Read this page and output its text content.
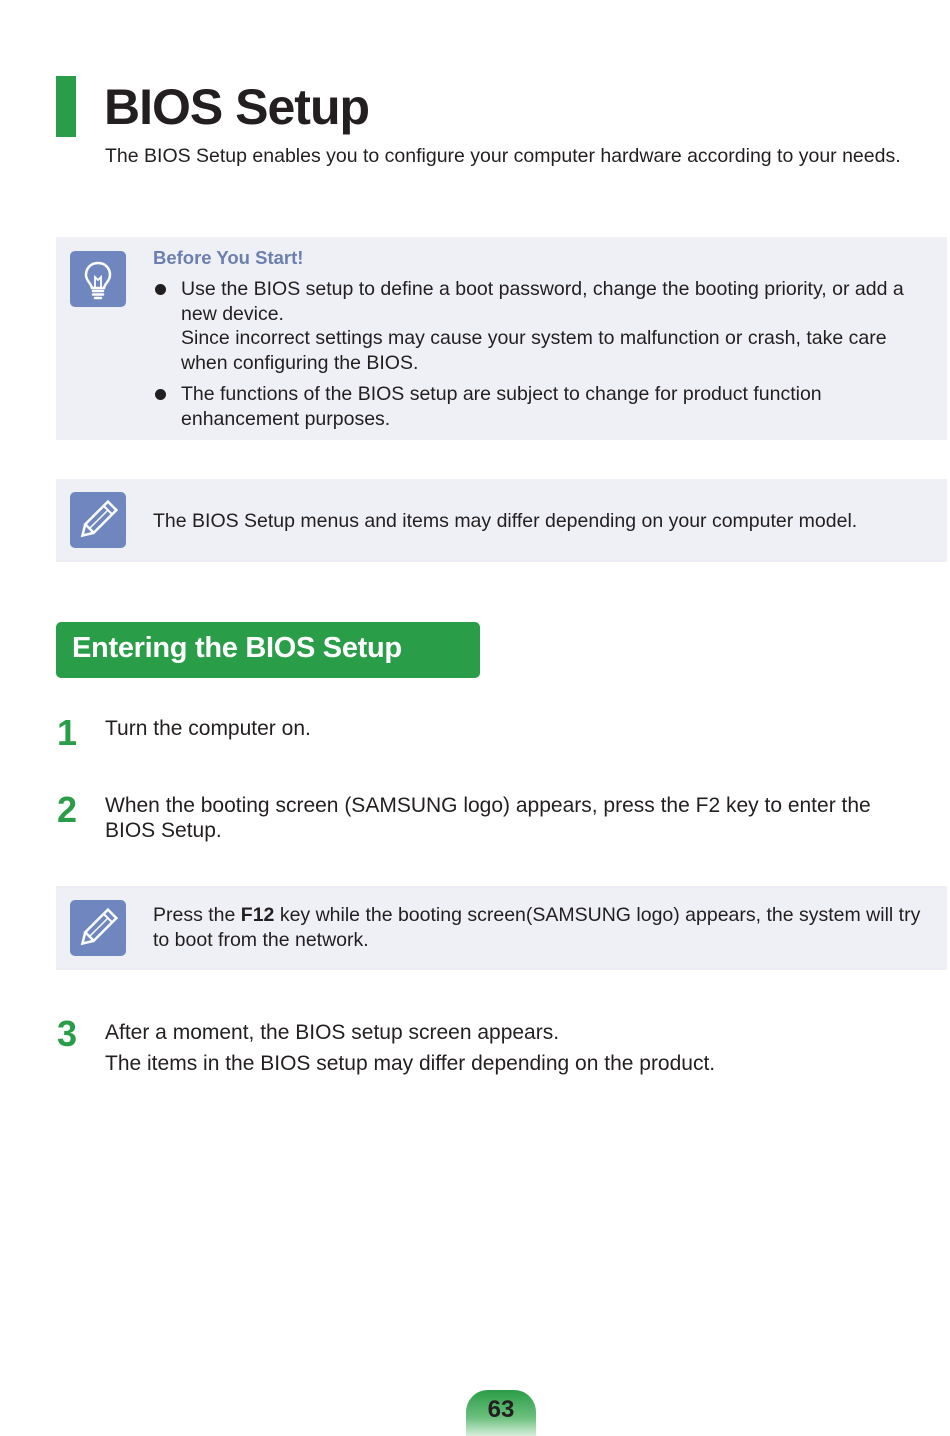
BIOS Setup
The BIOS Setup enables you to configure your computer hardware according to your needs.
Before You Start!
Use the BIOS setup to define a boot password, change the booting priority, or add a new device.
Since incorrect settings may cause your system to malfunction or crash, take care when configuring the BIOS.
The functions of the BIOS setup are subject to change for product function enhancement purposes.
The BIOS Setup menus and items may differ depending on your computer model.
Entering the BIOS Setup
1 Turn the computer on.
2 When the booting screen (SAMSUNG logo) appears, press the F2 key to enter the BIOS Setup.
Press the F12 key while the booting screen(SAMSUNG logo) appears, the system will try to boot from the network.
3 After a moment, the BIOS setup screen appears.
The items in the BIOS setup may differ depending on the product.
63
